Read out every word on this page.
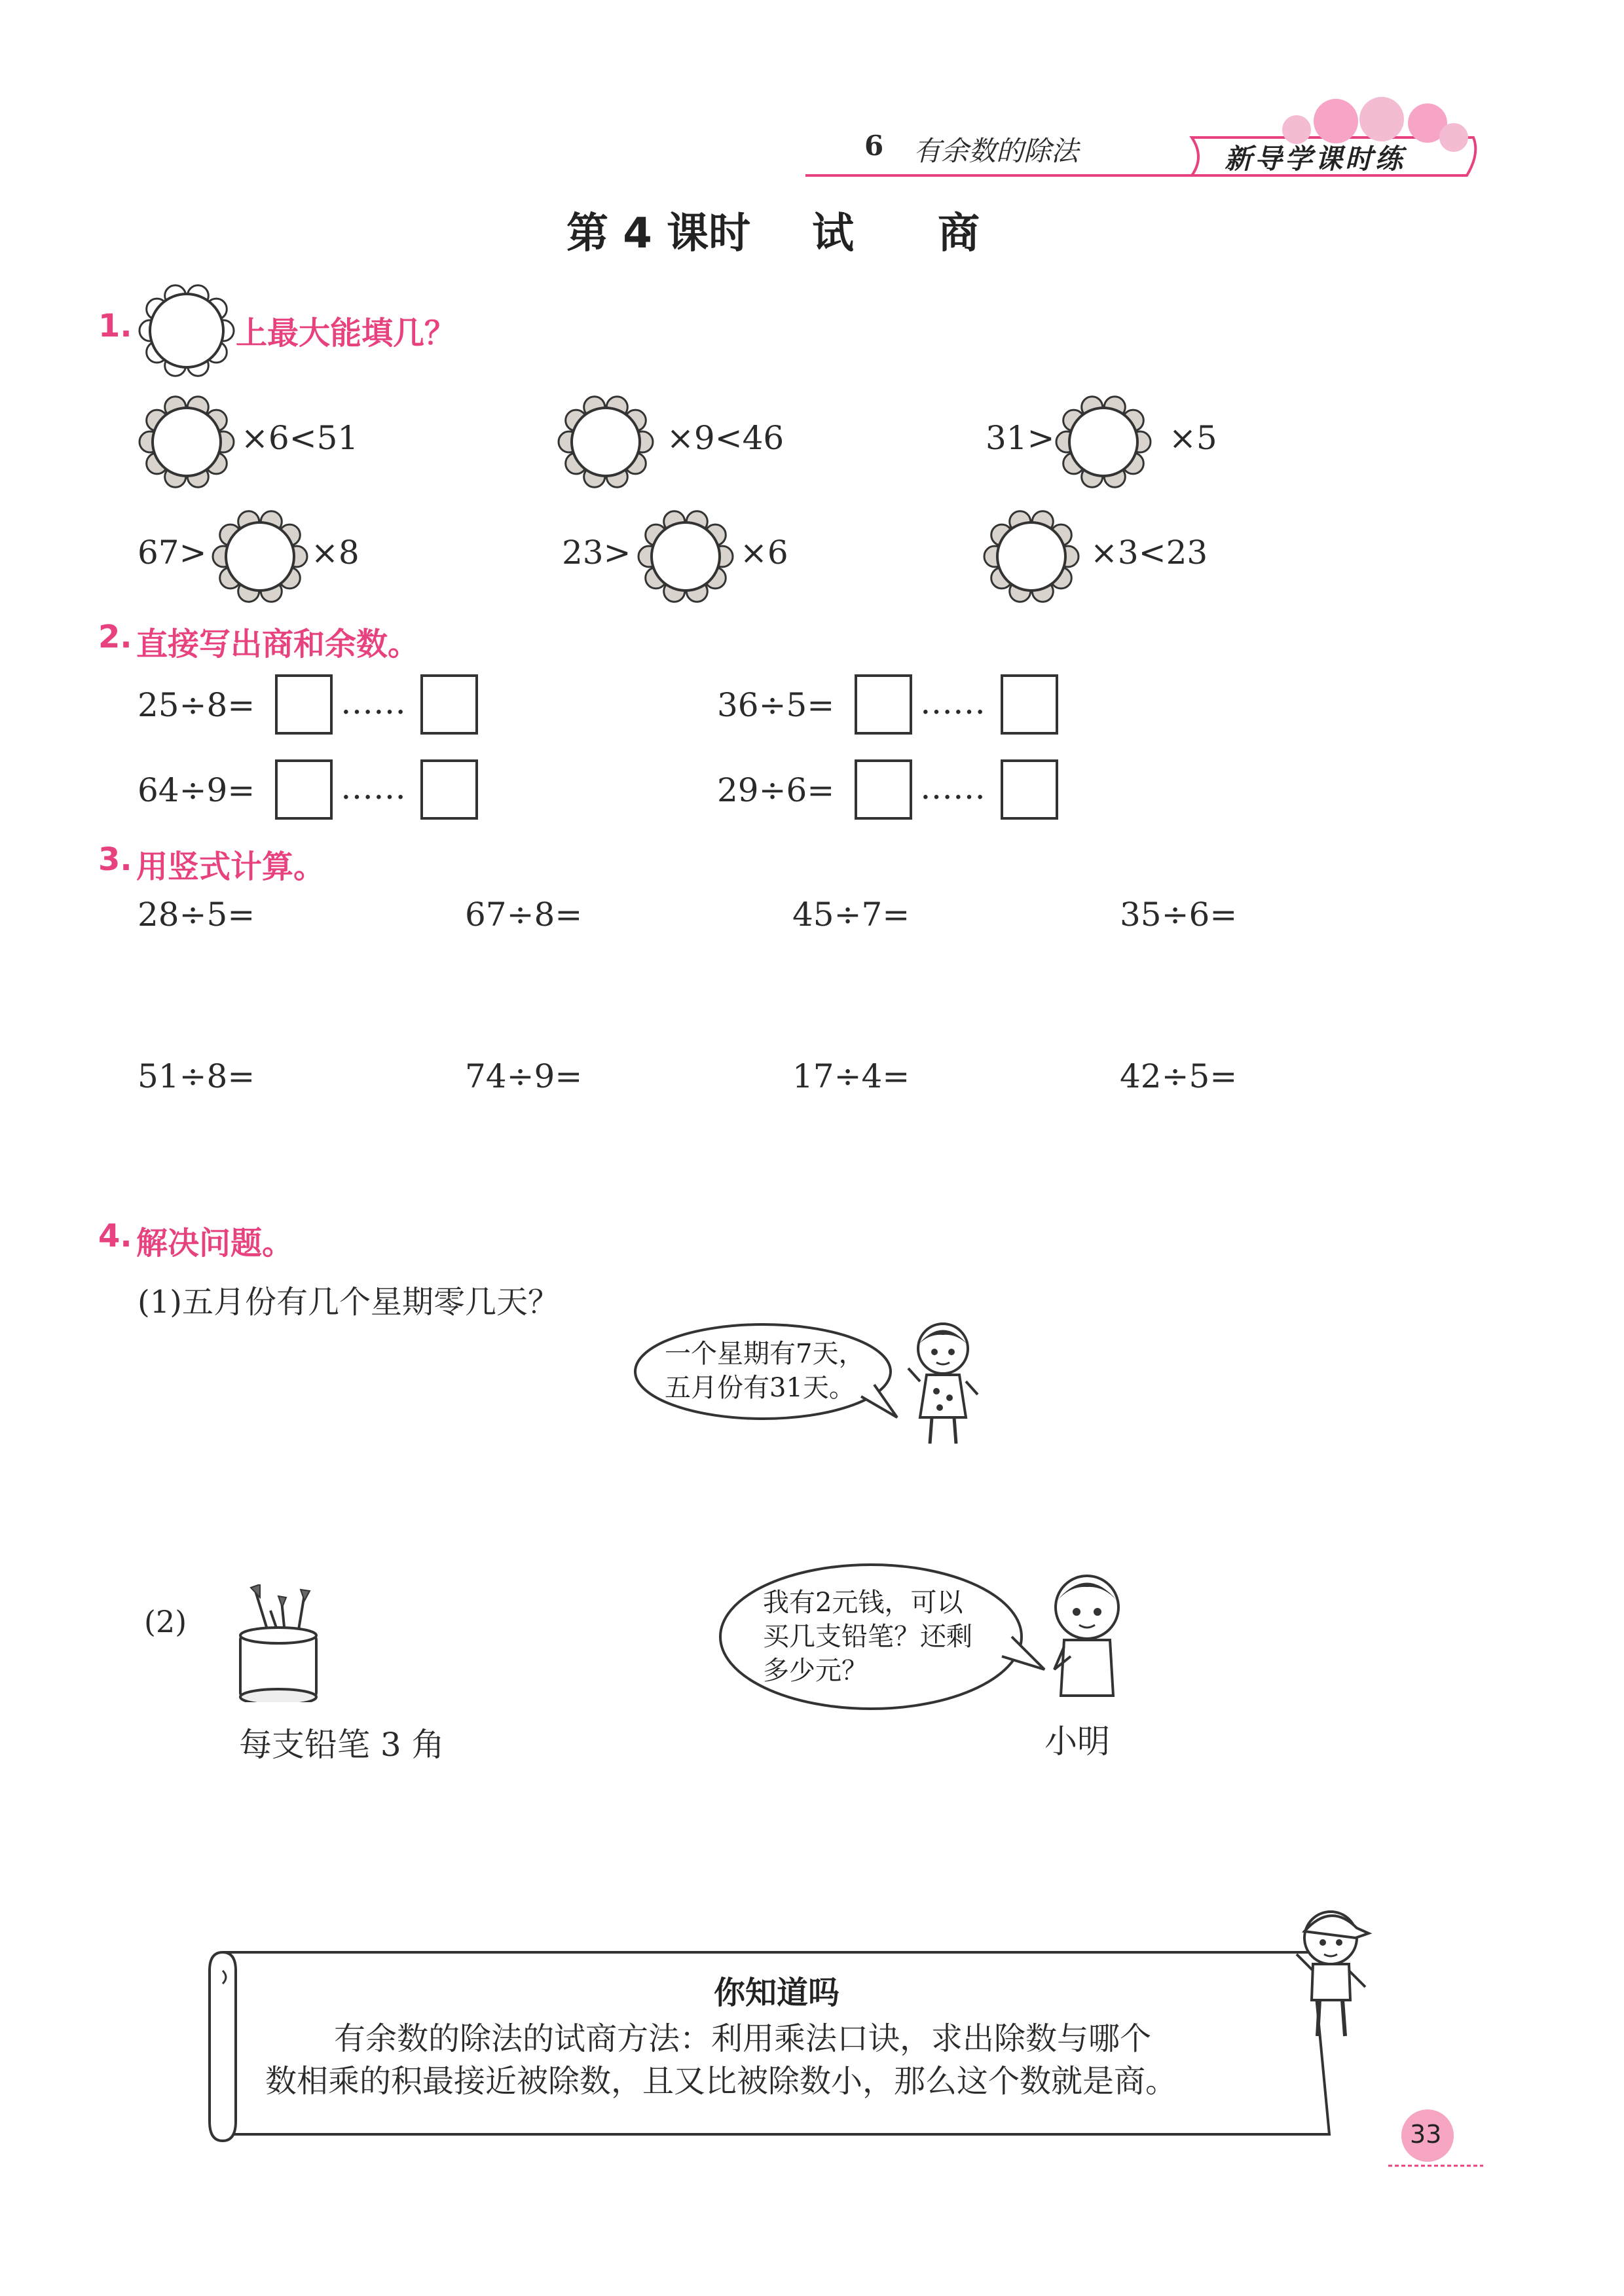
6 有余数的除法	新导学课时练
第 4 课时 试　　商
1.	上最大能填几？
×6<51	×9<46	31>	×5
67>	×8	23>	×6	×3<23
2. 直接写出商和余数。
25÷8=	……	36÷5=	……
64÷9=	……	29÷6=	……
3. 用竖式计算。
28÷5=	67÷8=	45÷7=	35÷6=
51÷8=	74÷9=	17÷4=	42÷5=
4. 解决问题。
(1)五月份有几个星期零几天？
一个星期有7天，
五月份有31天。
(2)
每支铅笔 3 角
我有2元钱，可以
买几支铅笔？还剩
多少元？
小明
你知道吗
有余数的除法的试商方法：利用乘法口诀，求出除数与哪个
数相乘的积最接近被除数，且又比被除数小，那么这个数就是商。
33
